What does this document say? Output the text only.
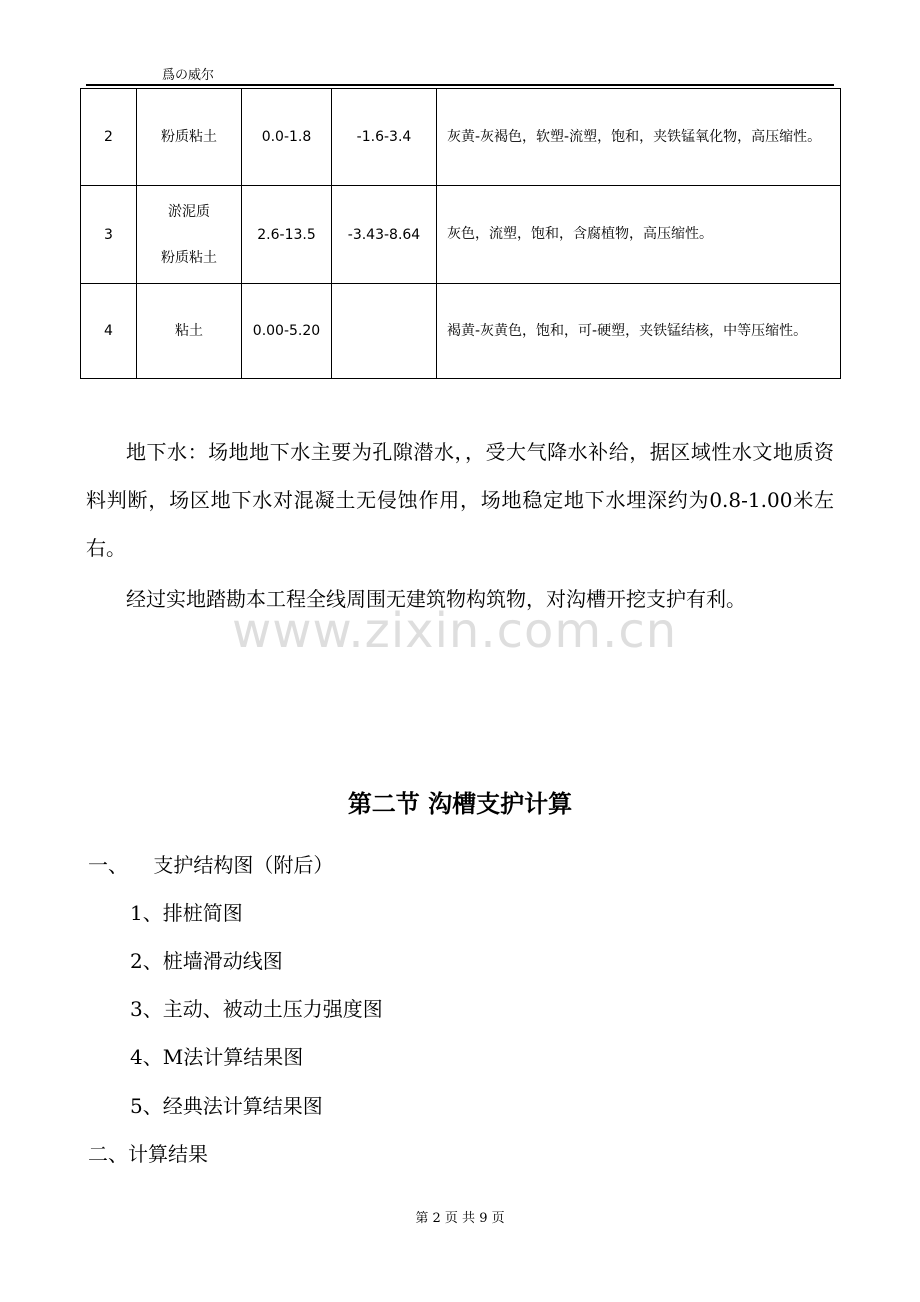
爲の威尔
2	粉质粘土	0.0-1.8	-1.6-3.4	灰黄-灰褐色，软塑-流塑，饱和，夹铁锰氧化物，高压缩性。
3	淤泥质
粉质粘土	2.6-13.5	-3.43-8.64	灰色，流塑，饱和，含腐植物，高压缩性。
4	粘土	0.00-5.20		褐黄-灰黄色，饱和，可-硬塑，夹铁锰结核，中等压缩性。
地下水：场地地下水主要为孔隙潜水，，受大气降水补给，据区域性水文地质资料判断，场区地下水对混凝土无侵蚀作用，场地稳定地下水埋深约为0.8-1.00米左右。
经过实地踏勘本工程全线周围无建筑物构筑物，对沟槽开挖支护有利。
www.zixin.com.cn
第二节 沟槽支护计算
一、    支护结构图（附后）
1、排桩简图
2、桩墙滑动线图
3、主动、被动土压力强度图
4、M法计算结果图
5、经典法计算结果图
二、计算结果
第 2 页 共 9 页
